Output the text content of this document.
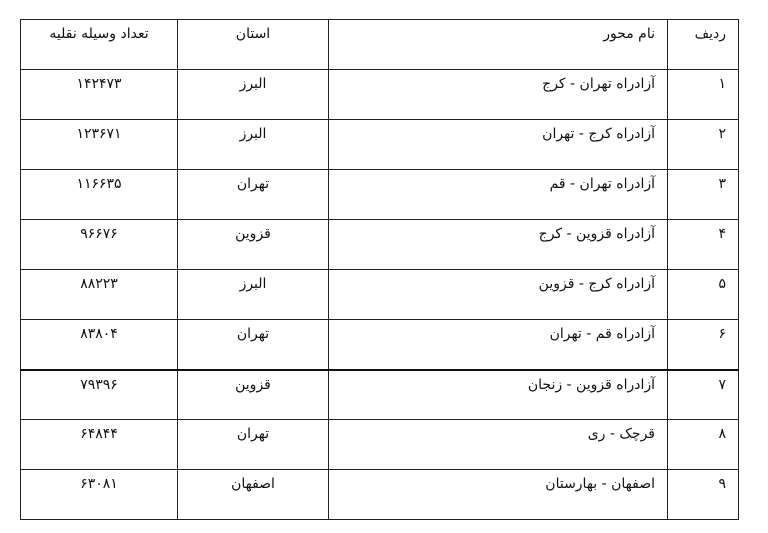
ردیف	نام محور	استان	تعداد وسیله نقلیه
۱	آزادراه تهران - کرج	البرز	۱۴۲۴۷۳
۲	آزادراه کرج - تهران	البرز	۱۲۳۶۷۱
۳	آزادراه تهران - قم	تهران	۱۱۶۶۳۵
۴	آزادراه قزوین - کرج	قزوین	۹۶۶۷۶
۵	آزادراه کرج - قزوین	البرز	۸۸۲۲۳
۶	آزادراه قم - تهران	تهران	۸۳۸۰۴
۷	آزادراه قزوین - زنجان	قزوین	۷۹۳۹۶
۸	قرچک - ری	تهران	۶۴۸۴۴
۹	اصفهان - بهارستان	اصفهان	۶۳۰۸۱
